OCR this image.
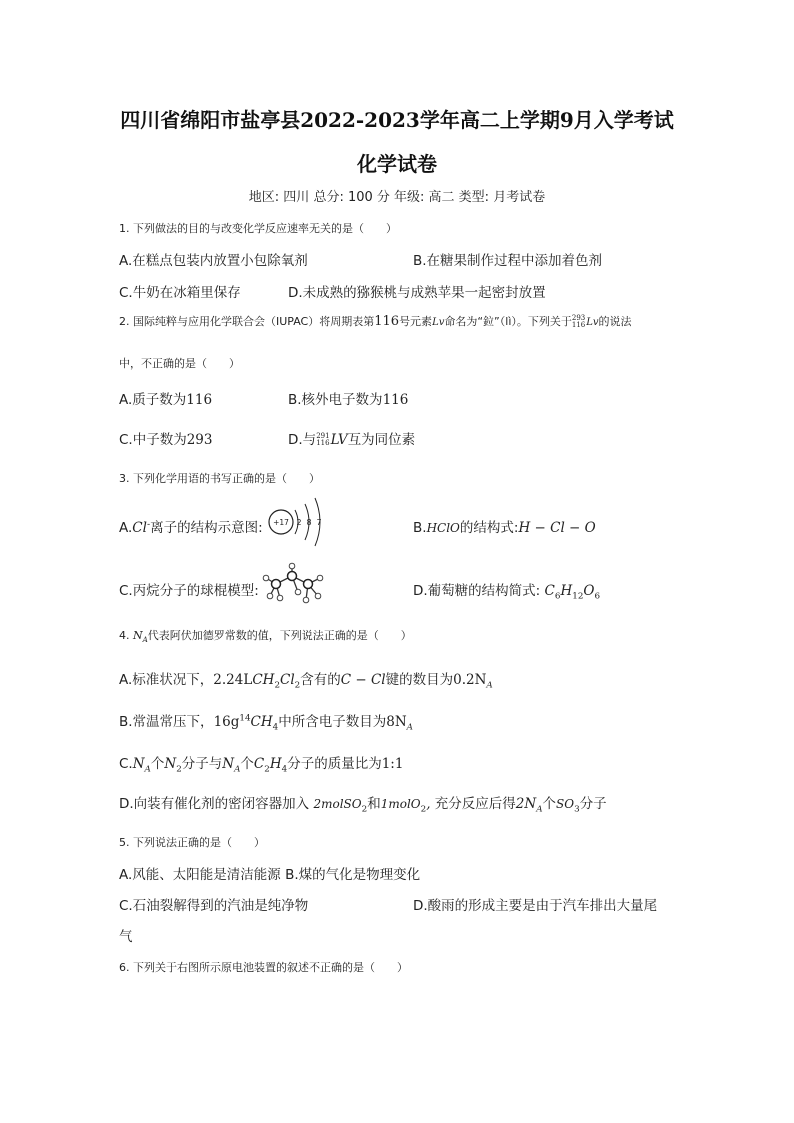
四川省绵阳市盐亭县2022-2023学年高二上学期9月入学考试
化学试卷
地区: 四川 总分: 100 分 年级: 高二 类型: 月考试卷
1. 下列做法的目的与改变化学反应速率无关的是（　　）
A.在糕点包装内放置小包除氧剂	B.在糖果制作过程中添加着色剂
C.牛奶在冰箱里保存	D.未成熟的猕猴桃与成熟苹果一起密封放置
2. 国际纯粹与应用化学联合会（IUPAC）将周期表第116号元素Lv命名为“鉝”（lì）。下列关于 293
116 Lv的说法
中，不正确的是（　　）
A.质子数为116	B.核外电子数为116
C.中子数为293	D.与 291
116 LV互为同位素
3. 下列化学用语的书写正确的是（　　）
A.Cl-离子的结构示意图: +17 2 8 7	B.HClO的结构式:H − Cl − O
C.丙烷分子的球棍模型:	D.葡萄糖的结构简式: $C_6H_{12}O_6$
4. $N_A$代表阿伏加德罗常数的值，下列说法正确的是（　　）
A.标准状况下，$2.24LCH_2Cl_2$含有的C − Cl键的数目为$0.2N_A$
B.常温常压下，$16g^{14}CH_4$中所含电子数目为$8N_A$
$C.N_A$个$N_2$分子与$N_A$个$C_2H_4$分子的质量比为1:1
D.向装有催化剂的密闭容器加入 2molSO$_2$和1molO$_2$, 充分反应后得$2N_A$个$SO_3$分子
5. 下列说法正确的是（　　）
A.风能、太阳能是清洁能源 B.煤的气化是物理变化
C.石油裂解得到的汽油是纯净物	D.酸雨的形成主要是由于汽车排出大量尾
气
6. 下列关于右图所示原电池装置的叙述不正确的是（　　）
